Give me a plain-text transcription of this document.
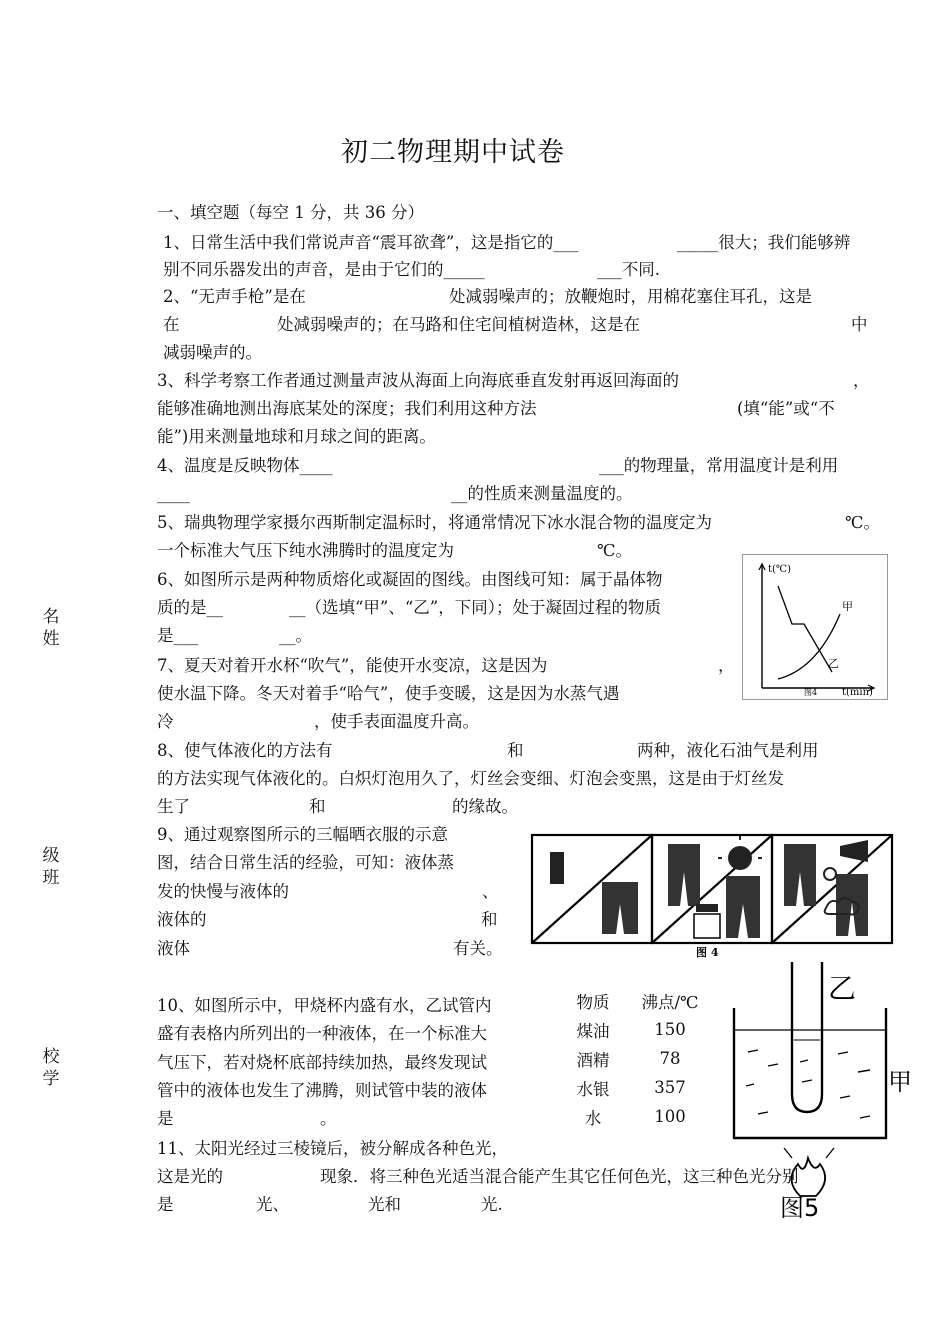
初二物理期中试卷
一、填空题（每空 1 分，共 36 分）
名
姓
级
班
校
学
1、日常生活中我们常说声音“震耳欲聋”，这是指它的___	_____很大；我们能够辨
别不同乐器发出的声音，是由于它们的_____	___不同.
2、“无声手枪”是在	处减弱噪声的；放鞭炮时，用棉花塞住耳孔，这是
在	处减弱噪声的；在马路和住宅间植树造林，这是在	中
减弱噪声的。
3、科学考察工作者通过测量声波从海面上向海底垂直发射再返回海面的	，
能够准确地测出海底某处的深度；我们利用这种方法	(填“能”或“不
能”)用来测量地球和月球之间的距离。
4、温度是反映物体____	___的物理量，常用温度计是利用
____	__的性质来测量温度的。
5、瑞典物理学家摄尔西斯制定温标时，将通常情况下冰水混合物的温度定为	℃。
一个标准大气压下纯水沸腾时的温度定为	℃。
6、如图所示是两种物质熔化或凝固的图线。由图线可知：属于晶体物
质的是__	__（选填“甲”、“乙”，下同）；处于凝固过程的物质
是___	__。
t(℃)
t(min)
图4
甲
乙
7、夏天对着开水杯“吹气”，能使开水变凉，这是因为	，
使水温下降。冬天对着手“哈气”，使手变暖，这是因为水蒸气遇
冷	，使手表面温度升高。
8、使气体液化的方法有	和	两种，液化石油气是利用
的方法实现气体液化的。白炽灯泡用久了，灯丝会变细、灯泡会变黑，这是由于灯丝发
生了	和	的缘故。
9、通过观察图所示的三幅晒衣服的示意
图，结合日常生活的经验，可知：液体蒸
发的快慢与液体的	、
液体的	和
液体	有关。	图 4
10、如图所示中，甲烧杯内盛有水，乙试管内
盛有表格内所列出的一种液体，在一个标准大
气压下，若对烧杯底部持续加热，最终发现试
管中的液体也发生了沸腾，则试管中装的液体
是	。
物质	沸点/℃
煤油	150
酒精	78
水银	357
水	100
乙
甲
图5
11、太阳光经过三棱镜后，被分解成各种色光，
这是光的	现象．将三种色光适当混合能产生其它任何色光，这三种色光分别
是	光、	光和	光.
